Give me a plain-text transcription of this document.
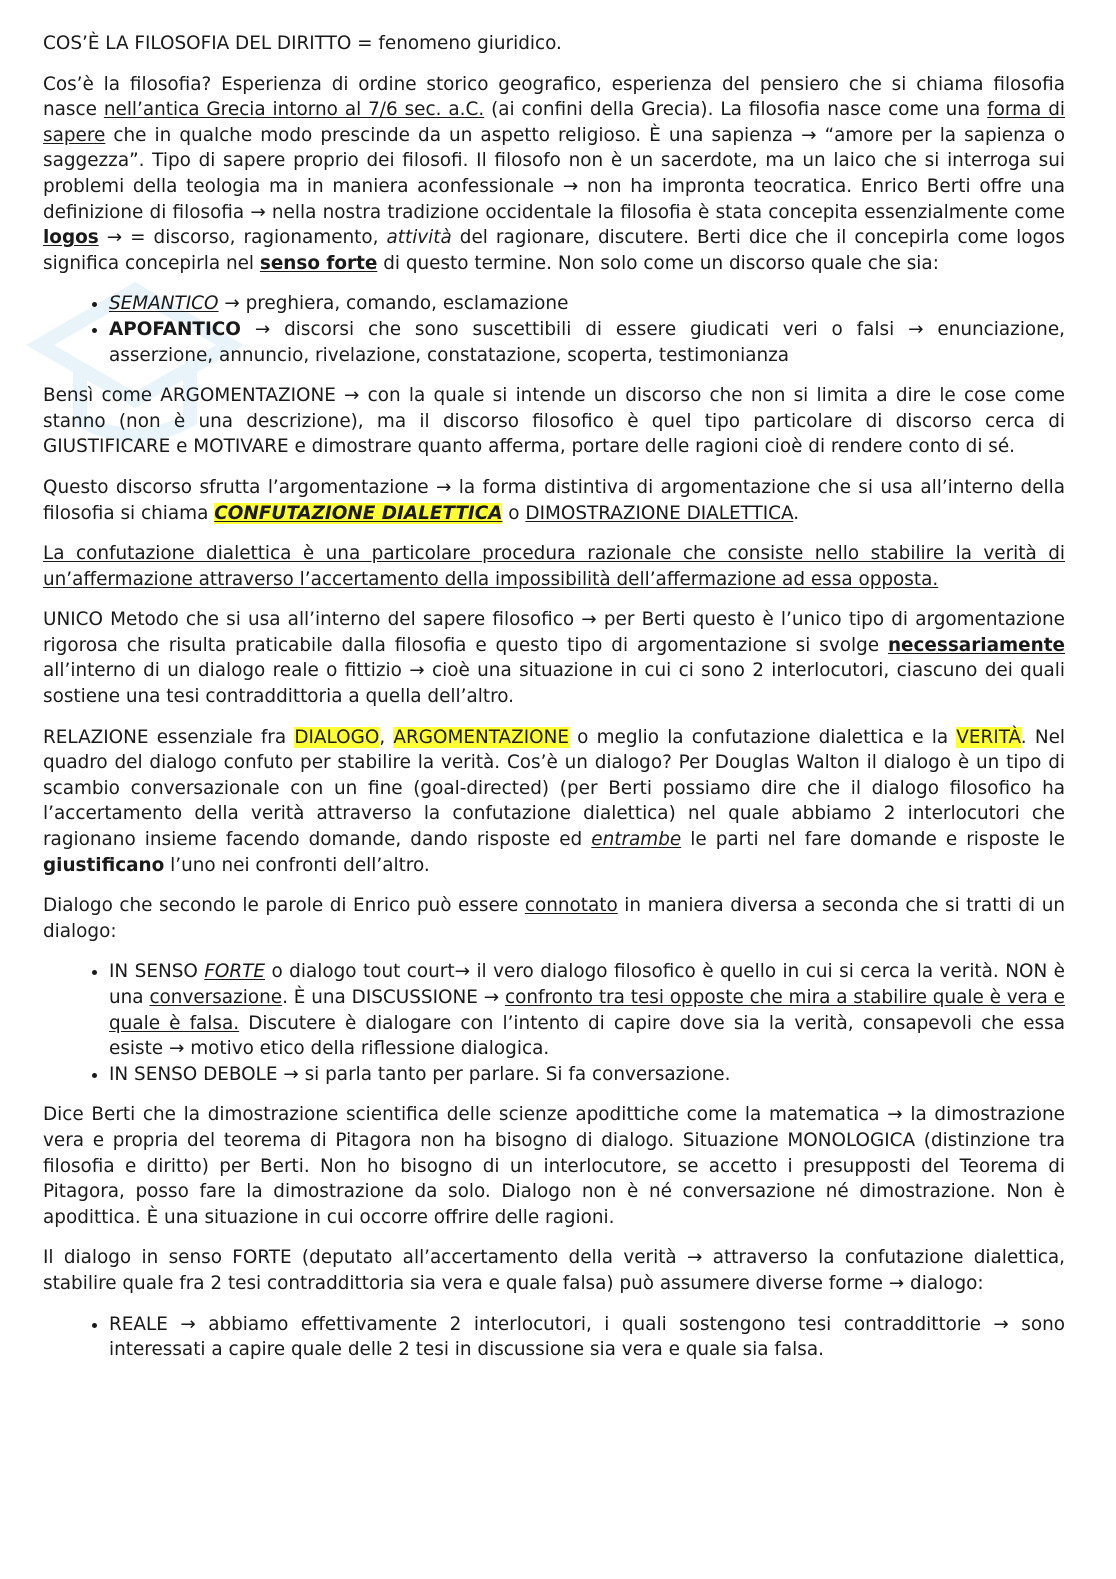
COS’È LA FILOSOFIA DEL DIRITTO = fenomeno giuridico.

Cos’è la filosofia? Esperienza di ordine storico geografico, esperienza del pensiero che si chiama filosofia nasce nell’antica Grecia intorno al 7/6 sec. a.C. (ai confini della Grecia). La filosofia nasce come una forma di sapere che in qualche modo prescinde da un aspetto religioso. È una sapienza → “amore per la sapienza o saggezza”. Tipo di sapere proprio dei filosofi. Il filosofo non è un sacerdote, ma un laico che si interroga sui problemi della teologia ma in maniera aconfessionale → non ha impronta teocratica. Enrico Berti offre una definizione di filosofia → nella nostra tradizione occidentale la filosofia è stata concepita essenzialmente come logos → = discorso, ragionamento, attività del ragionare, discutere. Berti dice che il concepirla come logos significa concepirla nel senso forte di questo termine. Non solo come un discorso quale che sia:

• SEMANTICO → preghiera, comando, esclamazione
• APOFANTICO → discorsi che sono suscettibili di essere giudicati veri o falsi → enunciazione, asserzione, annuncio, rivelazione, constatazione, scoperta, testimonianza

Bensì come ARGOMENTAZIONE → con la quale si intende un discorso che non si limita a dire le cose come stanno (non è una descrizione), ma il discorso filosofico è quel tipo particolare di discorso cerca di GIUSTIFICARE e MOTIVARE e dimostrare quanto afferma, portare delle ragioni cioè di rendere conto di sé.

Questo discorso sfrutta l’argomentazione → la forma distintiva di argomentazione che si usa all’interno della filosofia si chiama CONFUTAZIONE DIALETTICA o DIMOSTRAZIONE DIALETTICA.

La confutazione dialettica è una particolare procedura razionale che consiste nello stabilire la verità di un’affermazione attraverso l’accertamento della impossibilità dell’affermazione ad essa opposta.

UNICO Metodo che si usa all’interno del sapere filosofico → per Berti questo è l’unico tipo di argomentazione rigorosa che risulta praticabile dalla filosofia e questo tipo di argomentazione si svolge necessariamente all’interno di un dialogo reale o fittizio → cioè una situazione in cui ci sono 2 interlocutori, ciascuno dei quali sostiene una tesi contraddittoria a quella dell’altro.

RELAZIONE essenziale fra DIALOGO, ARGOMENTAZIONE o meglio la confutazione dialettica e la VERITÀ. Nel quadro del dialogo confuto per stabilire la verità. Cos’è un dialogo? Per Douglas Walton il dialogo è un tipo di scambio conversazionale con un fine (goal-directed) (per Berti possiamo dire che il dialogo filosofico ha l’accertamento della verità attraverso la confutazione dialettica) nel quale abbiamo 2 interlocutori che ragionano insieme facendo domande, dando risposte ed entrambe le parti nel fare domande e risposte le giustificano l’uno nei confronti dell’altro.

Dialogo che secondo le parole di Enrico può essere connotato in maniera diversa a seconda che si tratti di un dialogo:

• IN SENSO FORTE o dialogo tout court→ il vero dialogo filosofico è quello in cui si cerca la verità. NON è una conversazione. È una DISCUSSIONE → confronto tra tesi opposte che mira a stabilire quale è vera e quale è falsa. Discutere è dialogare con l’intento di capire dove sia la verità, consapevoli che essa esiste → motivo etico della riflessione dialogica.
• IN SENSO DEBOLE → si parla tanto per parlare. Si fa conversazione.

Dice Berti che la dimostrazione scientifica delle scienze apodittiche come la matematica → la dimostrazione vera e propria del teorema di Pitagora non ha bisogno di dialogo. Situazione MONOLOGICA (distinzione tra filosofia e diritto) per Berti. Non ho bisogno di un interlocutore, se accetto i presupposti del Teorema di Pitagora, posso fare la dimostrazione da solo. Dialogo non è né conversazione né dimostrazione. Non è apodittica. È una situazione in cui occorre offrire delle ragioni.

Il dialogo in senso FORTE (deputato all’accertamento della verità → attraverso la confutazione dialettica, stabilire quale fra 2 tesi contraddittoria sia vera e quale falsa) può assumere diverse forme → dialogo:

• REALE → abbiamo effettivamente 2 interlocutori, i quali sostengono tesi contraddittorie → sono interessati a capire quale delle 2 tesi in discussione sia vera e quale sia falsa.
